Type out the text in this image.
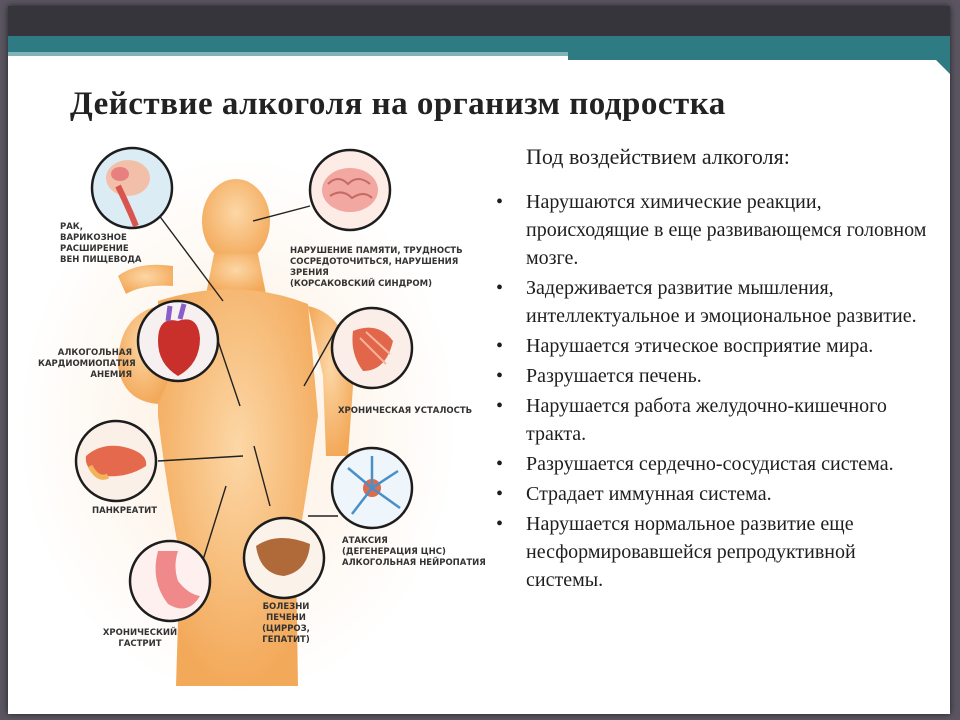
Действие алкоголя на организм подростка
РАК,
ВАРИКОЗНОЕ
РАСШИРЕНИЕ
ВЕН ПИЩЕВОДА
НАРУШЕНИЕ ПАМЯТИ, ТРУДНОСТЬ
СОСРЕДОТОЧИТЬСЯ, НАРУШЕНИЯ ЗРЕНИЯ
(КОРСАКОВСКИЙ СИНДРОМ)
АЛКОГОЛЬНАЯ
КАРДИОМИОПАТИЯ
АНЕМИЯ
ХРОНИЧЕСКАЯ УСТАЛОСТЬ
ПАНКРЕАТИТ
АТАКСИЯ
(ДЕГЕНЕРАЦИЯ ЦНС)
АЛКОГОЛЬНАЯ НЕЙРОПАТИЯ
ХРОНИЧЕСКИЙ
ГАСТРИТ
БОЛЕЗНИ ПЕЧЕНИ
(ЦИРРОЗ, ГЕПАТИТ)
Под воздействием алкоголя:
• Нарушаются химические реакции, происходящие в еще развивающемся головном мозге.
• Задерживается развитие мышления, интеллектуальное и эмоциональное развитие.
• Нарушается этическое восприятие мира.
• Разрушается печень.
• Нарушается работа желудочно-кишечного тракта.
• Разрушается сердечно-сосудистая система.
• Страдает иммунная система.
• Нарушается нормальное развитие еще несформировавшейся репродуктивной системы.
